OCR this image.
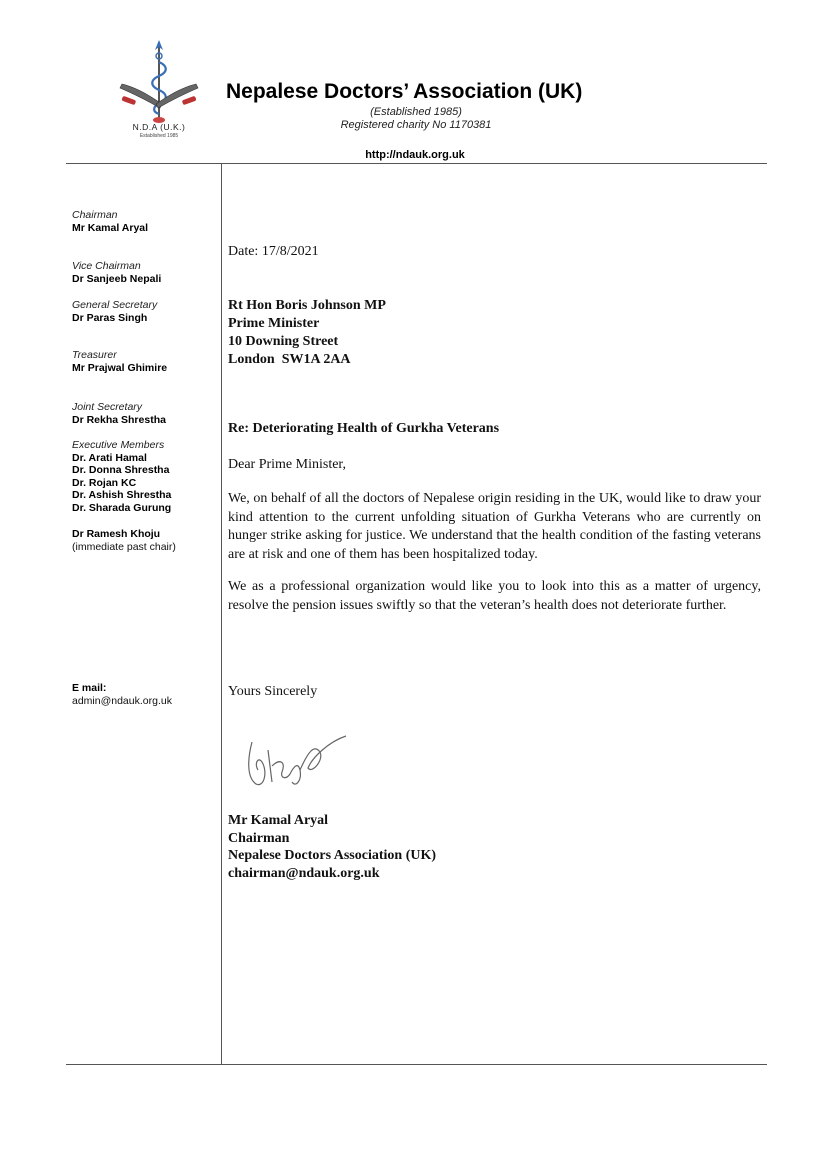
N.D.A (U.K.)
Established 1985
Nepalese Doctors’ Association (UK)
(Established 1985)
Registered charity No 1170381
http://ndauk.org.uk
Chairman
Mr Kamal Aryal
Vice Chairman
Dr Sanjeeb Nepali
General Secretary
Dr Paras Singh
Treasurer
Mr Prajwal Ghimire
Joint Secretary
Dr Rekha Shrestha
Executive Members
Dr. Arati Hamal
Dr. Donna Shrestha
Dr. Rojan KC
Dr. Ashish Shrestha
Dr. Sharada Gurung
Dr Ramesh Khoju
(immediate past chair)
E mail:
admin@ndauk.org.uk
Date: 17/8/2021
Rt Hon Boris Johnson MP
Prime Minister
10 Downing Street
London  SW1A 2AA
Re: Deteriorating Health of Gurkha Veterans
Dear Prime Minister,
We, on behalf of all the doctors of Nepalese origin residing in the UK, would like to draw your kind attention to the current unfolding situation of Gurkha Veterans who are currently on hunger strike asking for justice. We understand that the health condition of the fasting veterans are at risk and one of them has been hospitalized today.
We as a professional organization would like you to look into this as a matter of urgency, resolve the pension issues swiftly so that the veteran’s health does not deteriorate further.
Yours Sincerely
Mr Kamal Aryal
Chairman
Nepalese Doctors Association (UK)
chairman@ndauk.org.uk
